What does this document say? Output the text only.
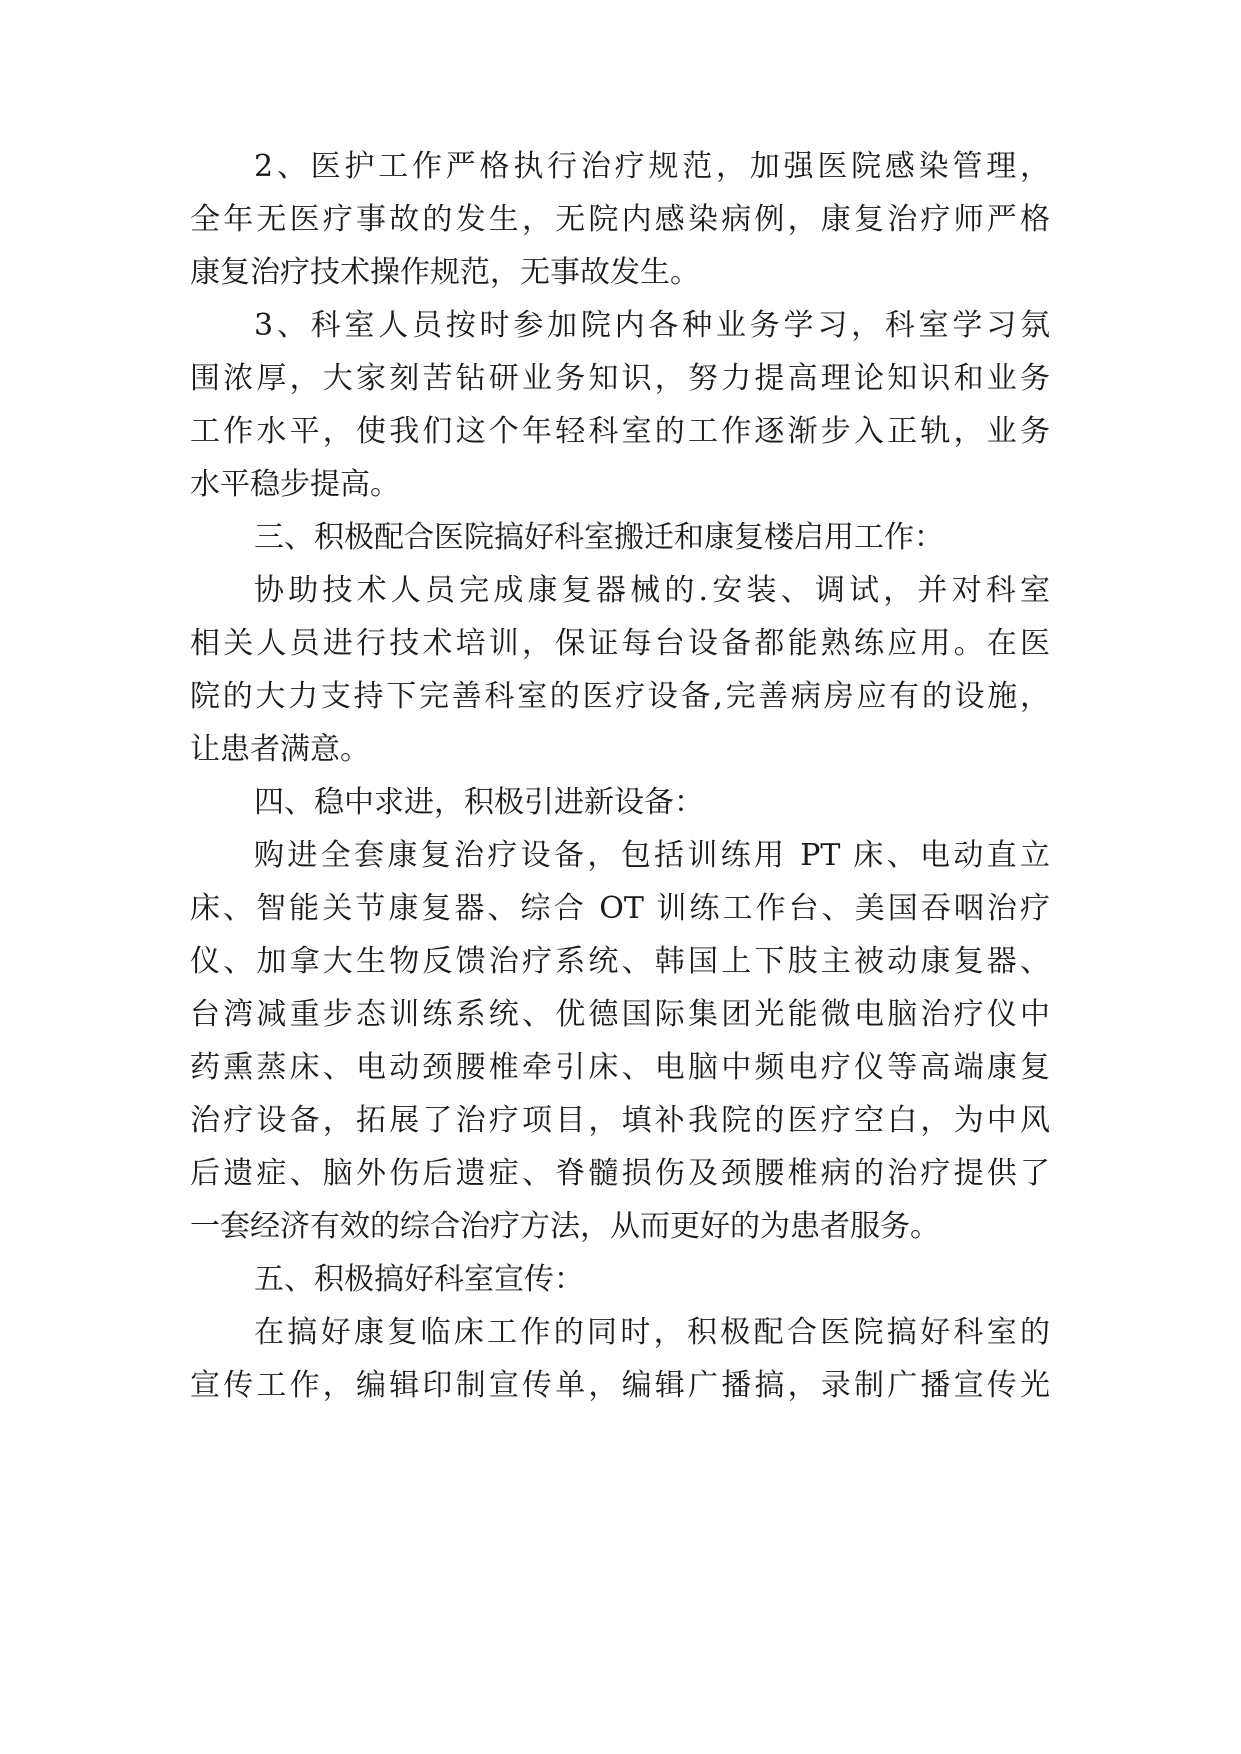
2、医护工作严格执行治疗规范，加强医院感染管理，
全年无医疗事故的发生，无院内感染病例，康复治疗师严格
康复治疗技术操作规范，无事故发生。
3、科室人员按时参加院内各种业务学习，科室学习氛
围浓厚，大家刻苦钻研业务知识，努力提高理论知识和业务
工作水平，使我们这个年轻科室的工作逐渐步入正轨，业务
水平稳步提高。
三、积极配合医院搞好科室搬迁和康复楼启用工作：
协助技术人员完成康复器械的.安装、调试，并对科室
相关人员进行技术培训，保证每台设备都能熟练应用。在医
院的大力支持下完善科室的医疗设备,完善病房应有的设施，
让患者满意。
四、稳中求进，积极引进新设备：
购进全套康复治疗设备，包括训练用 PT 床、电动直立
床、智能关节康复器、综合 OT 训练工作台、美国吞咽治疗
仪、加拿大生物反馈治疗系统、韩国上下肢主被动康复器、
台湾减重步态训练系统、优德国际集团光能微电脑治疗仪中
药熏蒸床、电动颈腰椎牵引床、电脑中频电疗仪等高端康复
治疗设备，拓展了治疗项目，填补我院的医疗空白，为中风
后遗症、脑外伤后遗症、脊髓损伤及颈腰椎病的治疗提供了
一套经济有效的综合治疗方法，从而更好的为患者服务。
五、积极搞好科室宣传：
在搞好康复临床工作的同时，积极配合医院搞好科室的
宣传工作，编辑印制宣传单，编辑广播搞，录制广播宣传光
